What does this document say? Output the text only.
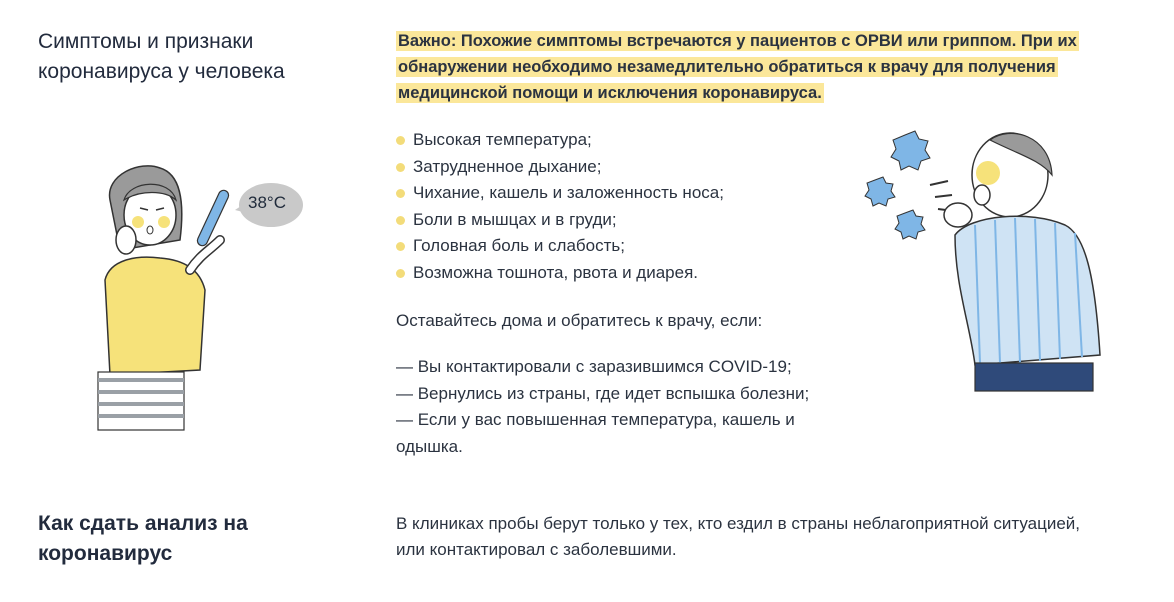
Симптомы и признаки
коронавируса у человека
Важно: Похожие симптомы встречаются у пациентов с ОРВИ или гриппом. При их
обнаружении необходимо незамедлительно обратиться к врачу для получения
медицинской помощи и исключения коронавируса.
Высокая температура;
Затрудненное дыхание;
Чихание, кашель и заложенность носа;
Боли в мышцах и в груди;
Головная боль и слабость;
Возможна тошнота, рвота и диарея.
Оставайтесь дома и обратитесь к врачу, если:
— Вы контактировали с заразившимся COVID-19;
— Вернулись из страны, где идет вспышка болезни;
— Если у вас повышенная температура, кашель и
одышка.
Как сдать анализ на
коронавирус
В клиниках пробы берут только у тех, кто ездил в страны неблагоприятной ситуацией,
или контактировал с заболевшими.
38°C
